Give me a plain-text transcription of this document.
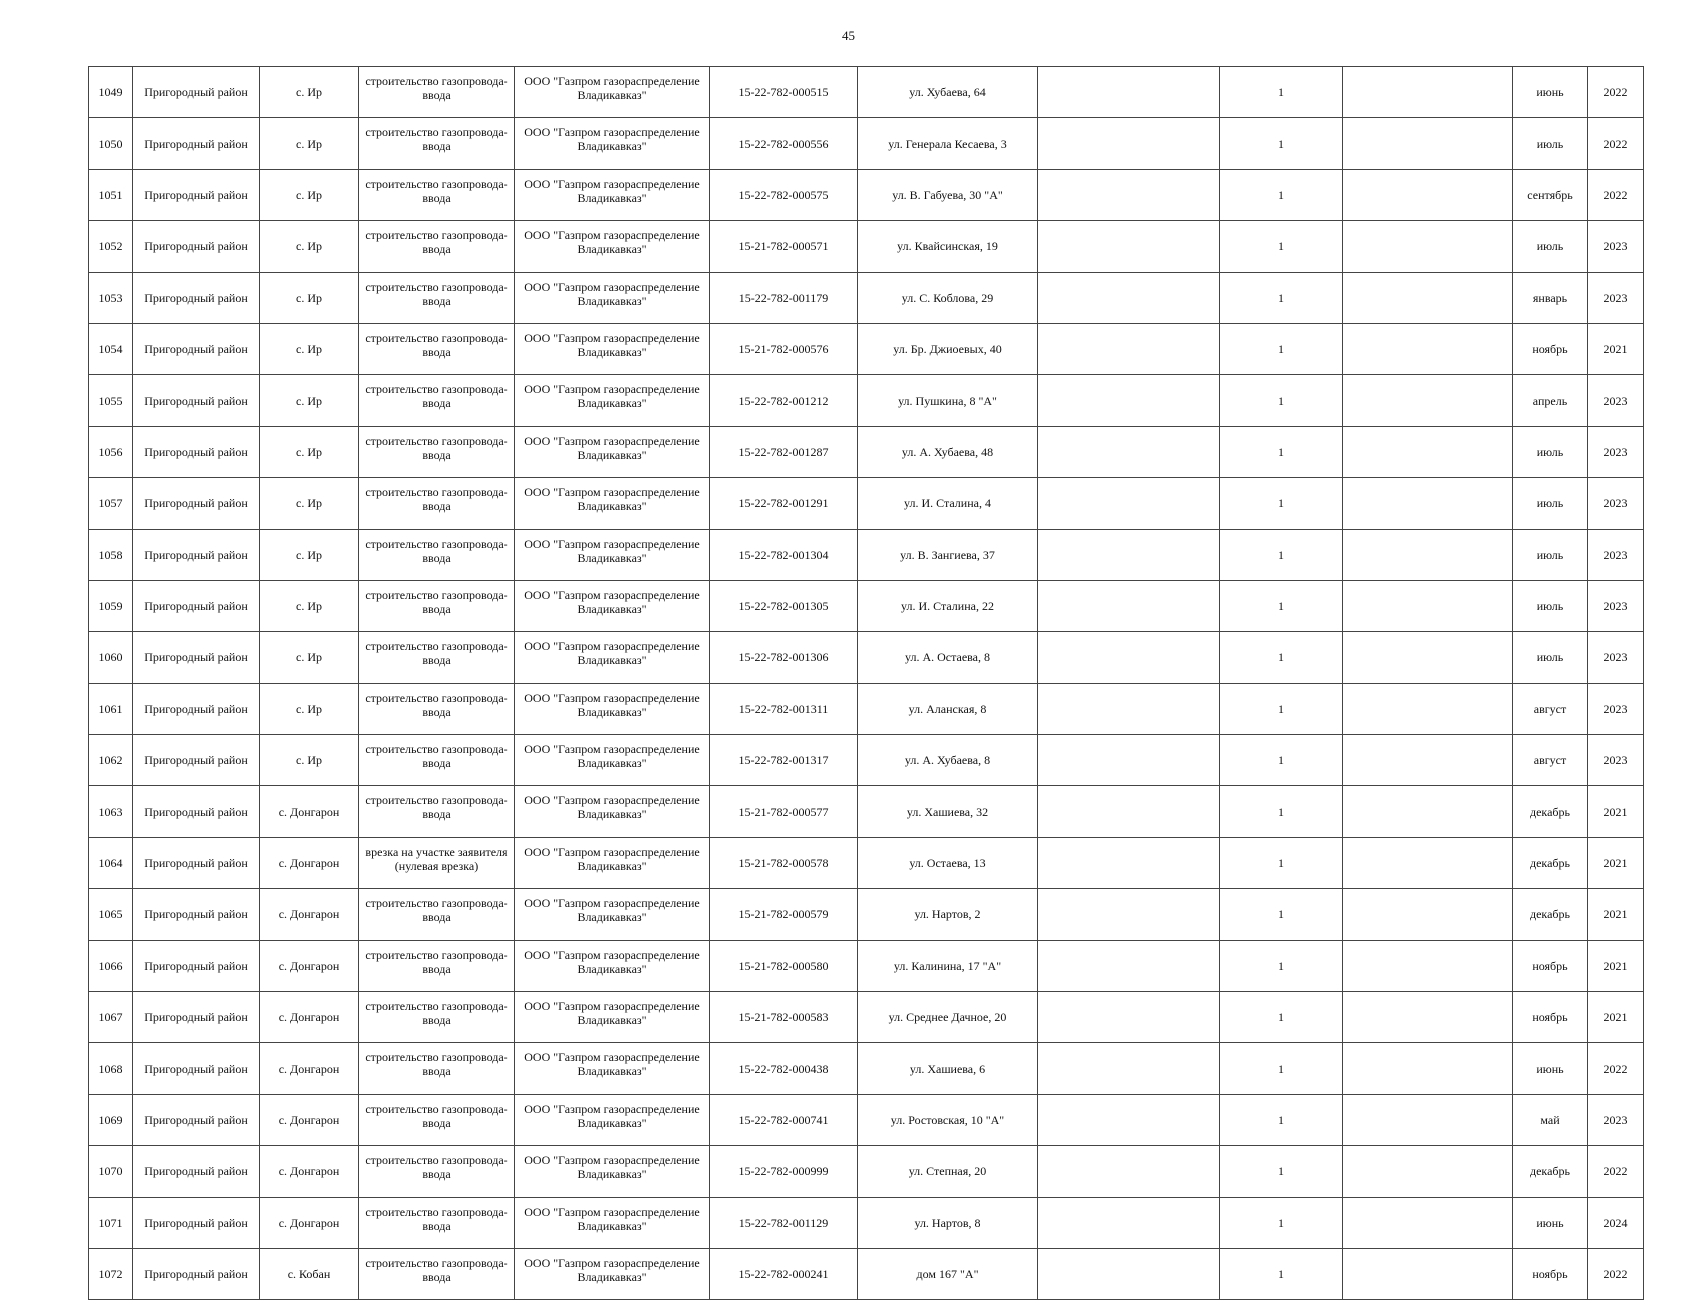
45
1049	Пригородный район	с. Ир	строительство газопровода-ввода	ООО "Газпром газораспределение Владикавказ"	15-22-782-000515	ул. Хубаева, 64		1		июнь	2022
1050	Пригородный район	с. Ир	строительство газопровода-ввода	ООО "Газпром газораспределение Владикавказ"	15-22-782-000556	ул. Генерала Кесаева, 3		1		июль	2022
1051	Пригородный район	с. Ир	строительство газопровода-ввода	ООО "Газпром газораспределение Владикавказ"	15-22-782-000575	ул. В. Габуева, 30 "А"		1		сентябрь	2022
1052	Пригородный район	с. Ир	строительство газопровода-ввода	ООО "Газпром газораспределение Владикавказ"	15-21-782-000571	ул. Квайсинская, 19		1		июль	2023
1053	Пригородный район	с. Ир	строительство газопровода-ввода	ООО "Газпром газораспределение Владикавказ"	15-22-782-001179	ул. С. Коблова, 29		1		январь	2023
1054	Пригородный район	с. Ир	строительство газопровода-ввода	ООО "Газпром газораспределение Владикавказ"	15-21-782-000576	ул. Бр. Джиоевых, 40		1		ноябрь	2021
1055	Пригородный район	с. Ир	строительство газопровода-ввода	ООО "Газпром газораспределение Владикавказ"	15-22-782-001212	ул. Пушкина, 8 "А"		1		апрель	2023
1056	Пригородный район	с. Ир	строительство газопровода-ввода	ООО "Газпром газораспределение Владикавказ"	15-22-782-001287	ул. А. Хубаева, 48		1		июль	2023
1057	Пригородный район	с. Ир	строительство газопровода-ввода	ООО "Газпром газораспределение Владикавказ"	15-22-782-001291	ул. И. Сталина, 4		1		июль	2023
1058	Пригородный район	с. Ир	строительство газопровода-ввода	ООО "Газпром газораспределение Владикавказ"	15-22-782-001304	ул. В. Зангиева, 37		1		июль	2023
1059	Пригородный район	с. Ир	строительство газопровода-ввода	ООО "Газпром газораспределение Владикавказ"	15-22-782-001305	ул. И. Сталина, 22		1		июль	2023
1060	Пригородный район	с. Ир	строительство газопровода-ввода	ООО "Газпром газораспределение Владикавказ"	15-22-782-001306	ул. А. Остаева, 8		1		июль	2023
1061	Пригородный район	с. Ир	строительство газопровода-ввода	ООО "Газпром газораспределение Владикавказ"	15-22-782-001311	ул. Аланская, 8		1		август	2023
1062	Пригородный район	с. Ир	строительство газопровода-ввода	ООО "Газпром газораспределение Владикавказ"	15-22-782-001317	ул. А. Хубаева, 8		1		август	2023
1063	Пригородный район	с. Донгарон	строительство газопровода-ввода	ООО "Газпром газораспределение Владикавказ"	15-21-782-000577	ул. Хашиева, 32		1		декабрь	2021
1064	Пригородный район	с. Донгарон	врезка на участке заявителя (нулевая врезка)	ООО "Газпром газораспределение Владикавказ"	15-21-782-000578	ул. Остаева, 13		1		декабрь	2021
1065	Пригородный район	с. Донгарон	строительство газопровода-ввода	ООО "Газпром газораспределение Владикавказ"	15-21-782-000579	ул. Нартов, 2		1		декабрь	2021
1066	Пригородный район	с. Донгарон	строительство газопровода-ввода	ООО "Газпром газораспределение Владикавказ"	15-21-782-000580	ул. Калинина, 17 "А"		1		ноябрь	2021
1067	Пригородный район	с. Донгарон	строительство газопровода-ввода	ООО "Газпром газораспределение Владикавказ"	15-21-782-000583	ул. Среднее Дачное, 20		1		ноябрь	2021
1068	Пригородный район	с. Донгарон	строительство газопровода-ввода	ООО "Газпром газораспределение Владикавказ"	15-22-782-000438	ул. Хашиева, 6		1		июнь	2022
1069	Пригородный район	с. Донгарон	строительство газопровода-ввода	ООО "Газпром газораспределение Владикавказ"	15-22-782-000741	ул. Ростовская, 10 "А"		1		май	2023
1070	Пригородный район	с. Донгарон	строительство газопровода-ввода	ООО "Газпром газораспределение Владикавказ"	15-22-782-000999	ул. Степная, 20		1		декабрь	2022
1071	Пригородный район	с. Донгарон	строительство газопровода-ввода	ООО "Газпром газораспределение Владикавказ"	15-22-782-001129	ул. Нартов, 8		1		июнь	2024
1072	Пригородный район	с. Кобан	строительство газопровода-ввода	ООО "Газпром газораспределение Владикавказ"	15-22-782-000241	дом 167 "А"		1		ноябрь	2022
